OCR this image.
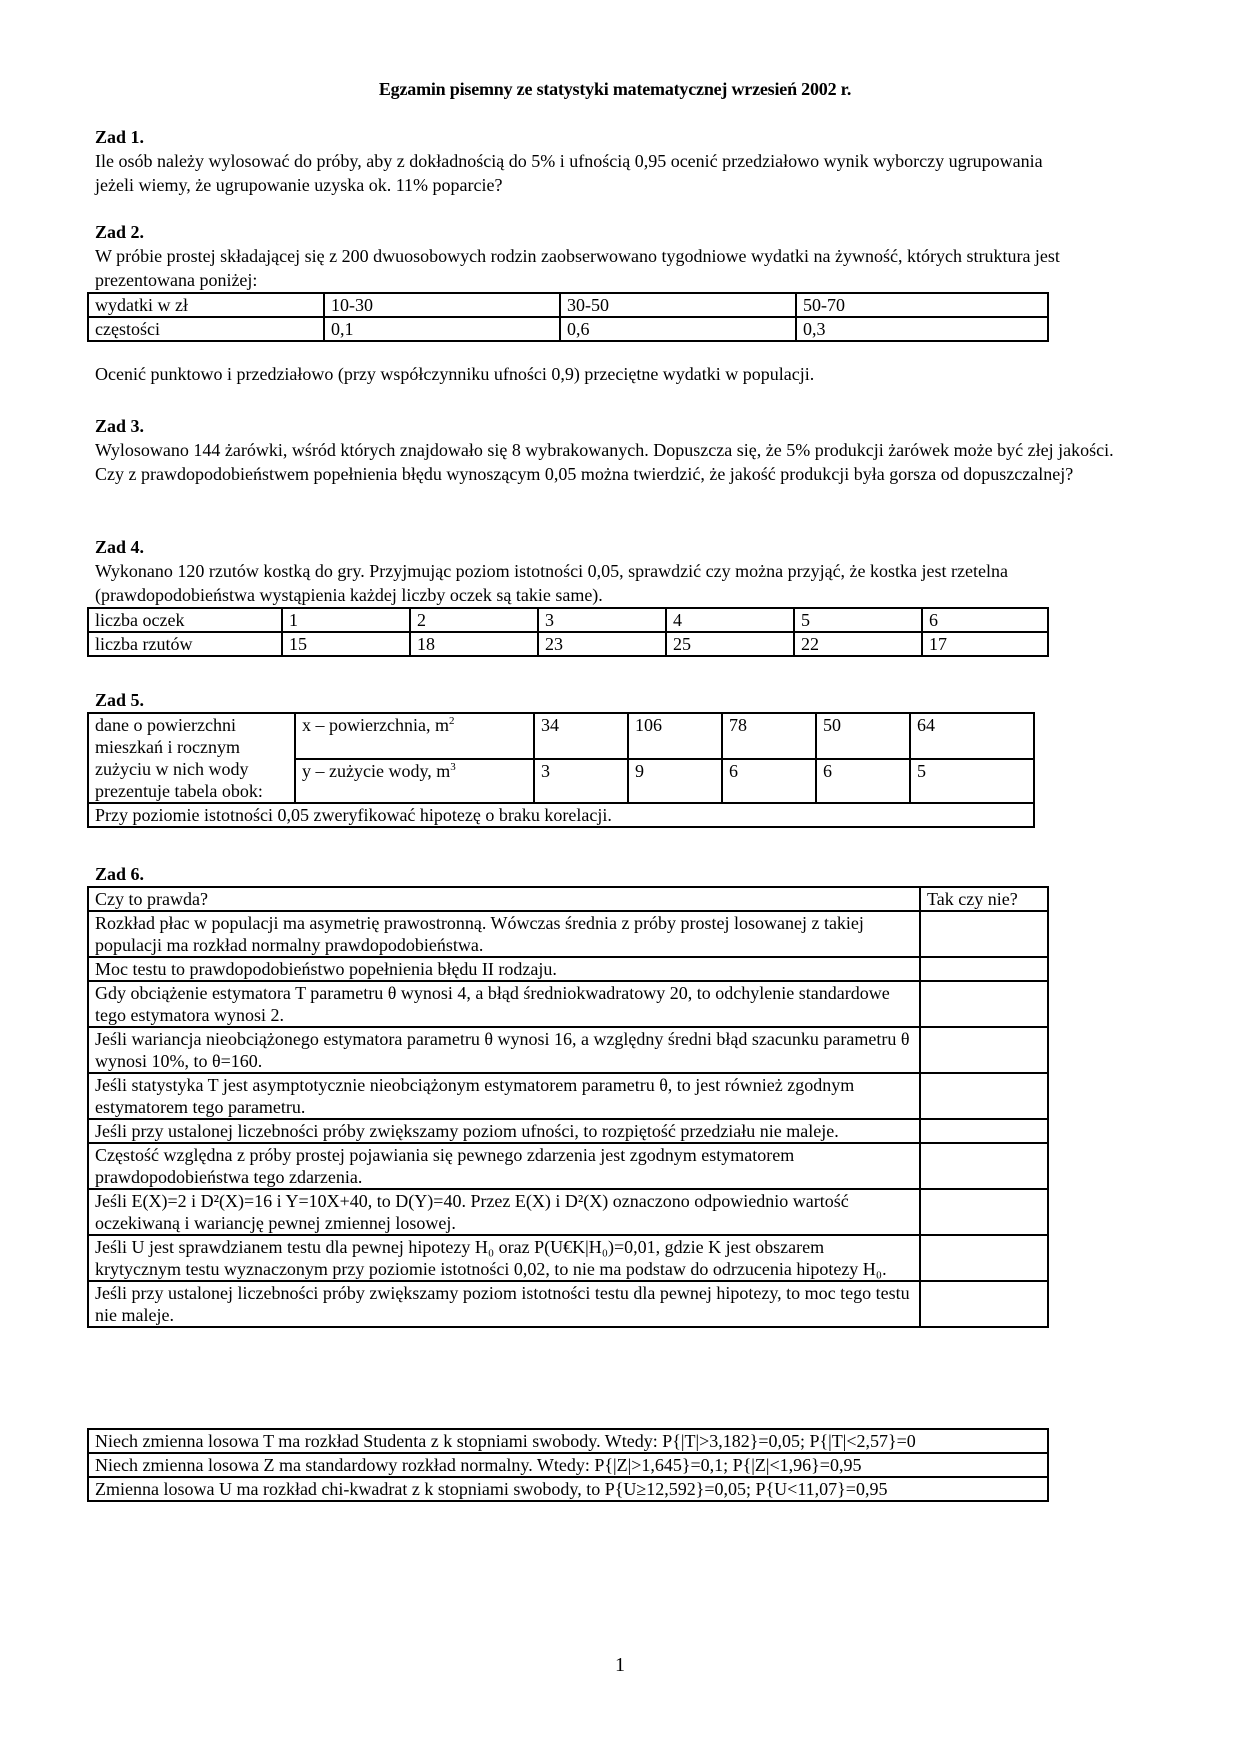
Egzamin pisemny ze statystyki matematycznej wrzesień 2002 r.
Zad 1.

Ile osób należy wylosować do próby, aby z dokładnością do 5% i ufnością 0,95 ocenić przedziałowo wynik wyborczy ugrupowania jeżeli wiemy, że ugrupowanie uzyska ok. 11% poparcie?

Zad 2.

W próbie prostej składającej się z 200 dwuosobowych rodzin zaobserwowano tygodniowe wydatki na żywność, których struktura jest prezentowana poniżej:

wydatki w zł	10-30	30-50	50-70
częstości	0,1	0,6	0,3

Ocenić punktowo i przedziałowo (przy współczynniku ufności 0,9) przeciętne wydatki w populacji.

Zad 3.

Wylosowano 144 żarówki, wśród których znajdowało się 8 wybrakowanych. Dopuszcza się, że 5% produkcji żarówek może być złej jakości. Czy z prawdopodobieństwem popełnienia błędu wynoszącym 0,05 można twierdzić, że jakość produkcji była gorsza od dopuszczalnej?

Zad 4.

Wykonano 120 rzutów kostką do gry. Przyjmując poziom istotności 0,05, sprawdzić czy można przyjąć, że kostka jest rzetelna (prawdopodobieństwa wystąpienia każdej liczby oczek są takie same).

liczba oczek	1	2	3	4	5	6
liczba rzutów	15	18	23	25	22	17
Zad 5.
dane o powierzchni mieszkań i rocznym zużyciu w nich wody prezentuje tabela obok:	x – powierzchnia, $m^2$	34	106	78	50	64
	y – zużycie wody, $m^3$	3	9	6	6	5
Przy poziomie istotności 0,05 zweryfikować hipotezę o braku korelacji.						
Zad 6.
Czy to prawda?	Tak czy nie?
Rozkład płac w populacji ma asymetrię prawostronną. Wówczas średnia z próby prostej losowanej z takiej populacji ma rozkład normalny prawdopodobieństwa.	
Moc testu to prawdopodobieństwo popełnienia błędu II rodzaju.	
Gdy obciążenie estymatora T parametru θ wynosi 4, a błąd średniokwadratowy 20, to odchylenie standardowe tego estymatora wynosi 2.	
Jeśli wariancja nieobciążonego estymatora parametru θ wynosi 16, a względny średni błąd szacunku parametru θ wynosi 10%, to θ=160.	
Jeśli statystyka T jest asymptotycznie nieobciążonym estymatorem parametru θ, to jest również zgodnym estymatorem tego parametru.	
Jeśli przy ustalonej liczebności próby zwiększamy poziom ufności, to rozpiętość przedziału nie maleje.	
Częstość względna z próby prostej pojawiania się pewnego zdarzenia jest zgodnym estymatorem prawdopodobieństwa tego zdarzenia.	
Jeśli E(X)=2 i D²(X)=16 i Y=10X+40, to D(Y)=40. Przez E(X) i D²(X) oznaczono odpowiednio wartość oczekiwaną i wariancję pewnej zmiennej losowej.	
Jeśli U jest sprawdzianem testu dla pewnej hipotezy H₀ oraz P(U€K|H₀)=0,01, gdzie K jest obszarem krytycznym testu wyznaczonym przy poziomie istotności 0,02, to nie ma podstaw do odrzucenia hipotezy H₀.	
Jeśli przy ustalonej liczebności próby zwiększamy poziom istotności testu dla pewnej hipotezy, to moc tego testu nie maleje.	
Niech zmienna losowa T ma rozkład Studenta z k stopniami swobody. Wtedy: P{|T|>3,182}=0,05; P{|T|<2,57}=0
Niech zmienna losowa Z ma standardowy rozkład normalny. Wtedy: P{|Z|>1,645}=0,1; P{|Z|<1,96}=0,95
Zmienna losowa U ma rozkład chi-kwadrat z k stopniami swobody, to P{U≥12,592}=0,05; P{U<11,07}=0,95
1
